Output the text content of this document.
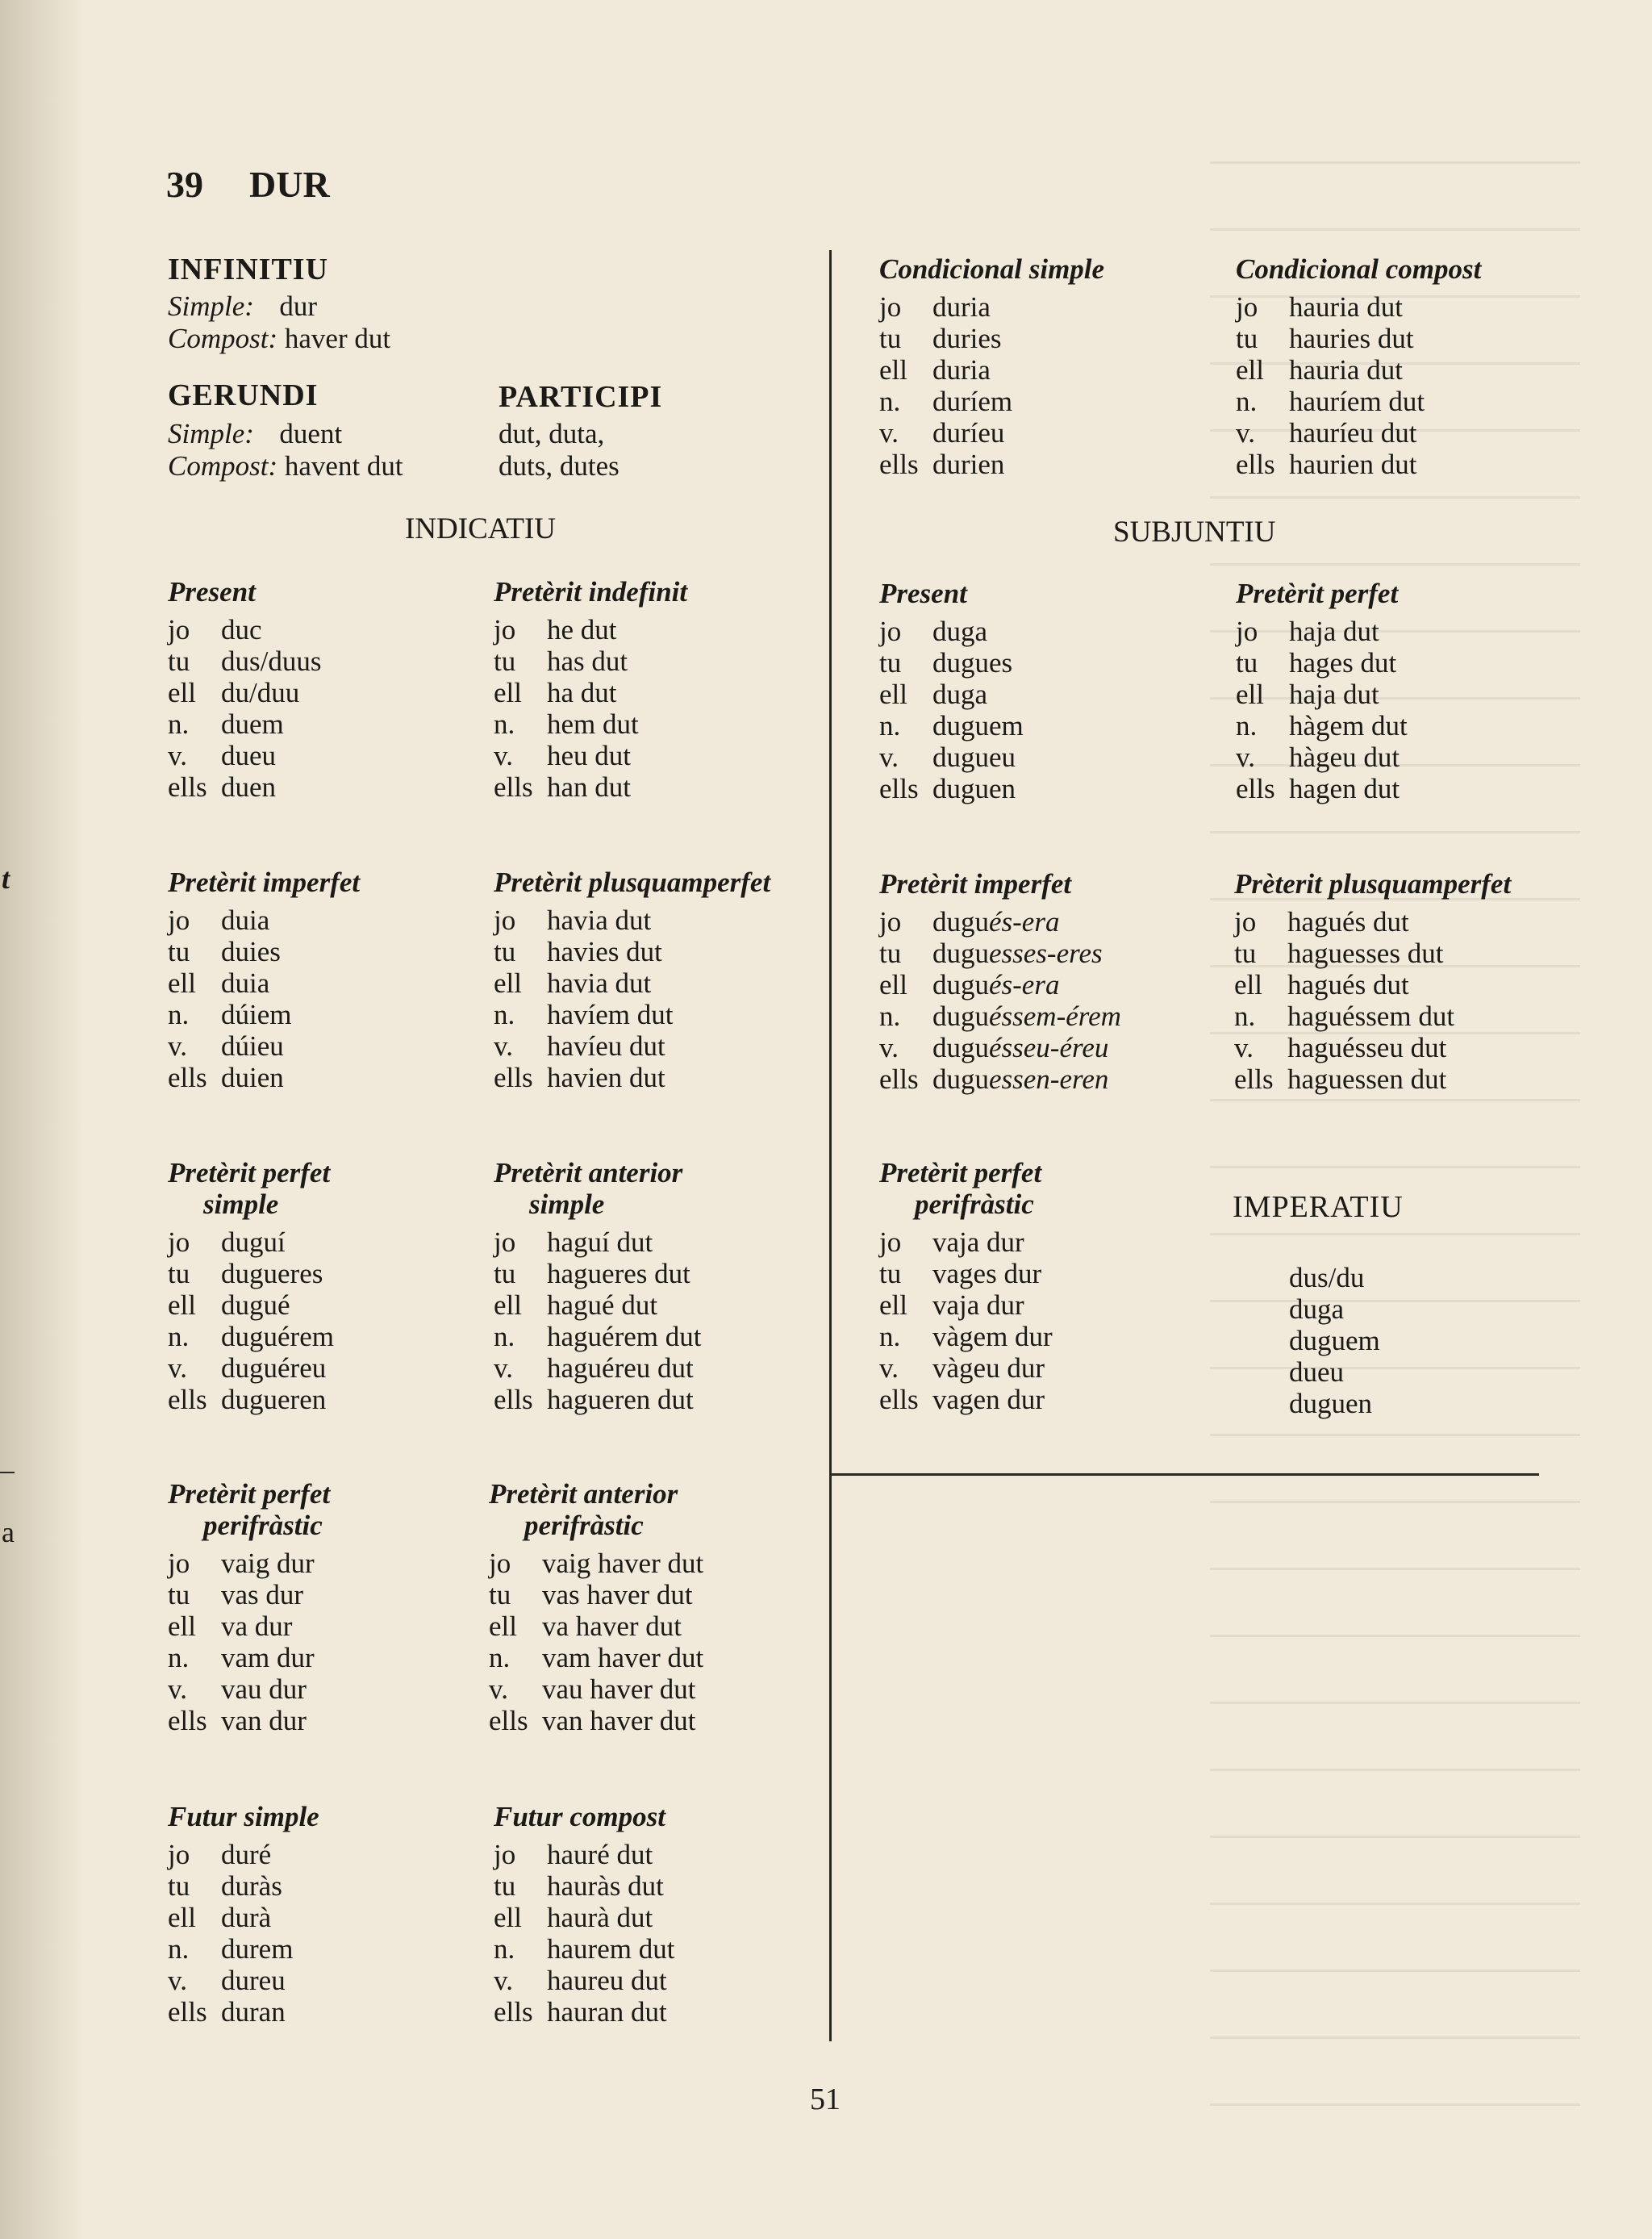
t
a
39 DUR
INFINITIU
Simple: dur
Compost: haver dut
GERUNDI
Simple: duent
Compost: havent dut
PARTICIPI
dut, duta,
duts, dutes
INDICATIU	SUBJUNTIU
Condicional simple
jo	duria
tu	duries
ell duria
n.	duríem
v.	duríeu
ells durien
Condicional compost
jo	hauria dut
tu	hauries dut
ell hauria dut
n.	hauríem dut
v.	hauríeu dut
ells haurien dut
Present
jo	duc
tu	dus/duus
ell du/duu
n.	duem
v.	dueu
ells duen
Pretèrit indefinit
jo	he dut
tu	has dut
ell ha dut
n.	hem dut
v.	heu dut
ells han dut
Present
jo	duga
tu	dugues
ell duga
n.	duguem
v.	dugueu
ells duguen
Pretèrit perfet
jo	haja dut
tu	hages dut
ell haja dut
n.	hàgem dut
v.	hàgeu dut
ells hagen dut
Pretèrit imperfet
jo	duia
tu	duies
ell duia
n.	dúiem
v.	dúieu
ells duien
Pretèrit plusquamperfet
jo	havia dut
tu	havies dut
ell havia dut
n.	havíem dut
v.	havíeu dut
ells havien dut
Pretèrit imperfet
jo	dugués-era
tu	duguesses-eres
ell dugués-era
n.	duguéssem-érem
v.	duguésseu-éreu
ells duguessen-eren
Prèterit plusquamperfet
jo	hagués dut
tu	haguesses dut
ell hagués dut
n.	haguéssem dut
v.	haguésseu dut
ells haguessen dut
Pretèrit perfet
simple
jo	duguí
tu	dugueres
ell dugué
n.	duguérem
v.	duguéreu
ells dugueren
Pretèrit anterior
simple
jo	haguí dut
tu	hagueres dut
ell hagué dut
n.	haguérem dut
v.	haguéreu dut
ells hagueren dut
Pretèrit perfet
perifràstic
jo	vaja dur
tu	vages dur
ell vaja dur
n.	vàgem dur
v.	vàgeu dur
ells vagen dur
Pretèrit perfet
perifràstic
jo	vaig dur
tu	vas dur
ell va dur
n.	vam dur
v.	vau dur
ells van dur
Pretèrit anterior
perifràstic
jo	vaig haver dut
tu	vas haver dut
ell va haver dut
n.	vam haver dut
v.	vau haver dut
ells van haver dut
Futur simple
jo	duré
tu	duràs
ell durà
n.	durem
v.	dureu
ells duran
Futur compost
jo	hauré dut
tu	hauràs dut
ell haurà dut
n.	haurem dut
v.	haureu dut
ells hauran dut
IMPERATIU
dus/du
duga
duguem
dueu
duguen
51
